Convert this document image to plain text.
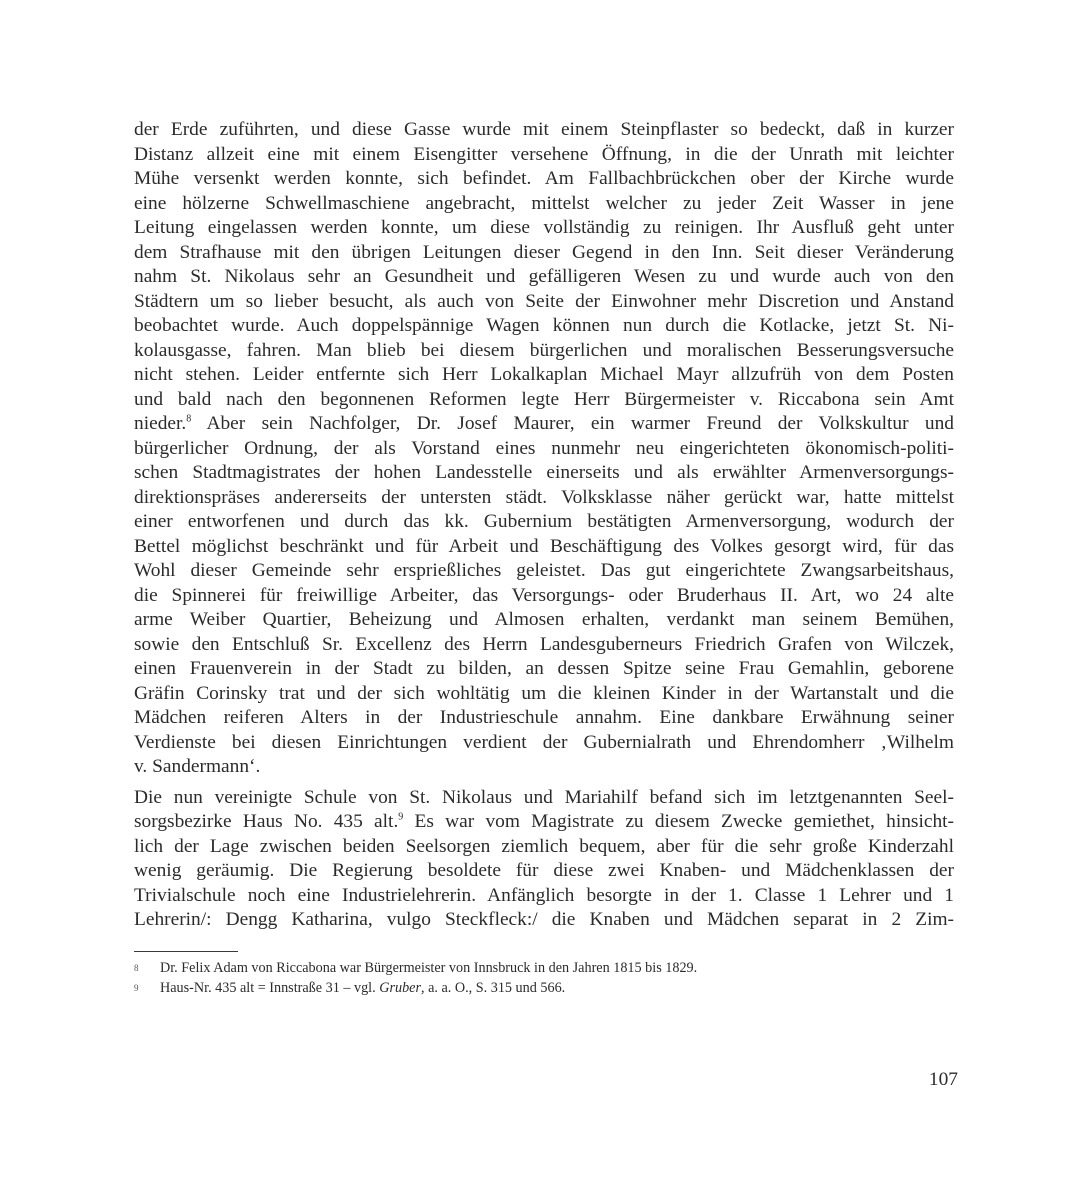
der Erde zuführten, und diese Gasse wurde mit einem Steinpflaster so bedeckt, daß in kurzer
Distanz allzeit eine mit einem Eisengitter versehene Öffnung, in die der Unrath mit leichter
Mühe versenkt werden konnte, sich befindet. Am Fallbachbrückchen ober der Kirche wurde
eine hölzerne Schwellmaschiene angebracht, mittelst welcher zu jeder Zeit Wasser in jene
Leitung eingelassen werden konnte, um diese vollständig zu reinigen. Ihr Ausfluß geht unter
dem Strafhause mit den übrigen Leitungen dieser Gegend in den Inn. Seit dieser Veränderung
nahm St. Nikolaus sehr an Gesundheit und gefälligeren Wesen zu und wurde auch von den
Städtern um so lieber besucht, als auch von Seite der Einwohner mehr Discretion und Anstand
beobachtet wurde. Auch doppelspännige Wagen können nun durch die Kotlacke, jetzt St. Ni-
kolausgasse, fahren. Man blieb bei diesem bürgerlichen und moralischen Besserungsversuche
nicht stehen. Leider entfernte sich Herr Lokalkaplan Michael Mayr allzufrüh von dem Posten
und bald nach den begonnenen Reformen legte Herr Bürgermeister v. Riccabona sein Amt
nieder.$^8$ Aber sein Nachfolger, Dr. Josef Maurer, ein warmer Freund der Volkskultur und
bürgerlicher Ordnung, der als Vorstand eines nunmehr neu eingerichteten ökonomisch-politi-
schen Stadtmagistrates der hohen Landesstelle einerseits und als erwählter Armenversorgungs-
direktionspräses andererseits der untersten städt. Volksklasse näher gerückt war, hatte mittelst
einer entworfenen und durch das kk. Gubernium bestätigten Armenversorgung, wodurch der
Bettel möglichst beschränkt und für Arbeit und Beschäftigung des Volkes gesorgt wird, für das
Wohl dieser Gemeinde sehr ersprießliches geleistet. Das gut eingerichtete Zwangsarbeitshaus,
die Spinnerei für freiwillige Arbeiter, das Versorgungs- oder Bruderhaus II. Art, wo 24 alte
arme Weiber Quartier, Beheizung und Almosen erhalten, verdankt man seinem Bemühen,
sowie den Entschluß Sr. Excellenz des Herrn Landesguberneurs Friedrich Grafen von Wilczek,
einen Frauenverein in der Stadt zu bilden, an dessen Spitze seine Frau Gemahlin, geborene
Gräfin Corinsky trat und der sich wohltätig um die kleinen Kinder in der Wartanstalt und die
Mädchen reiferen Alters in der Industrieschule annahm. Eine dankbare Erwähnung seiner
Verdienste bei diesen Einrichtungen verdient der Gubernialrath und Ehrendomherr ‚Wilhelm
v. Sandermann‘.
Die nun vereinigte Schule von St. Nikolaus und Mariahilf befand sich im letztgenannten Seel-
sorgsbezirke Haus No. 435 alt.$^9$ Es war vom Magistrate zu diesem Zwecke gemiethet, hinsicht-
lich der Lage zwischen beiden Seelsorgen ziemlich bequem, aber für die sehr große Kinderzahl
wenig geräumig. Die Regierung besoldete für diese zwei Knaben- und Mädchenklassen der
Trivialschule noch eine Industrielehrerin. Anfänglich besorgte in der 1. Classe 1 Lehrer und 1
Lehrerin/: Dengg Katharina, vulgo Steckfleck:/ die Knaben und Mädchen separat in 2 Zim-
8 Dr. Felix Adam von Riccabona war Bürgermeister von Innsbruck in den Jahren 1815 bis 1829.
9 Haus-Nr. 435 alt = Innstraße 31 – vgl. Gruber, a. a. O., S. 315 und 566.
107
